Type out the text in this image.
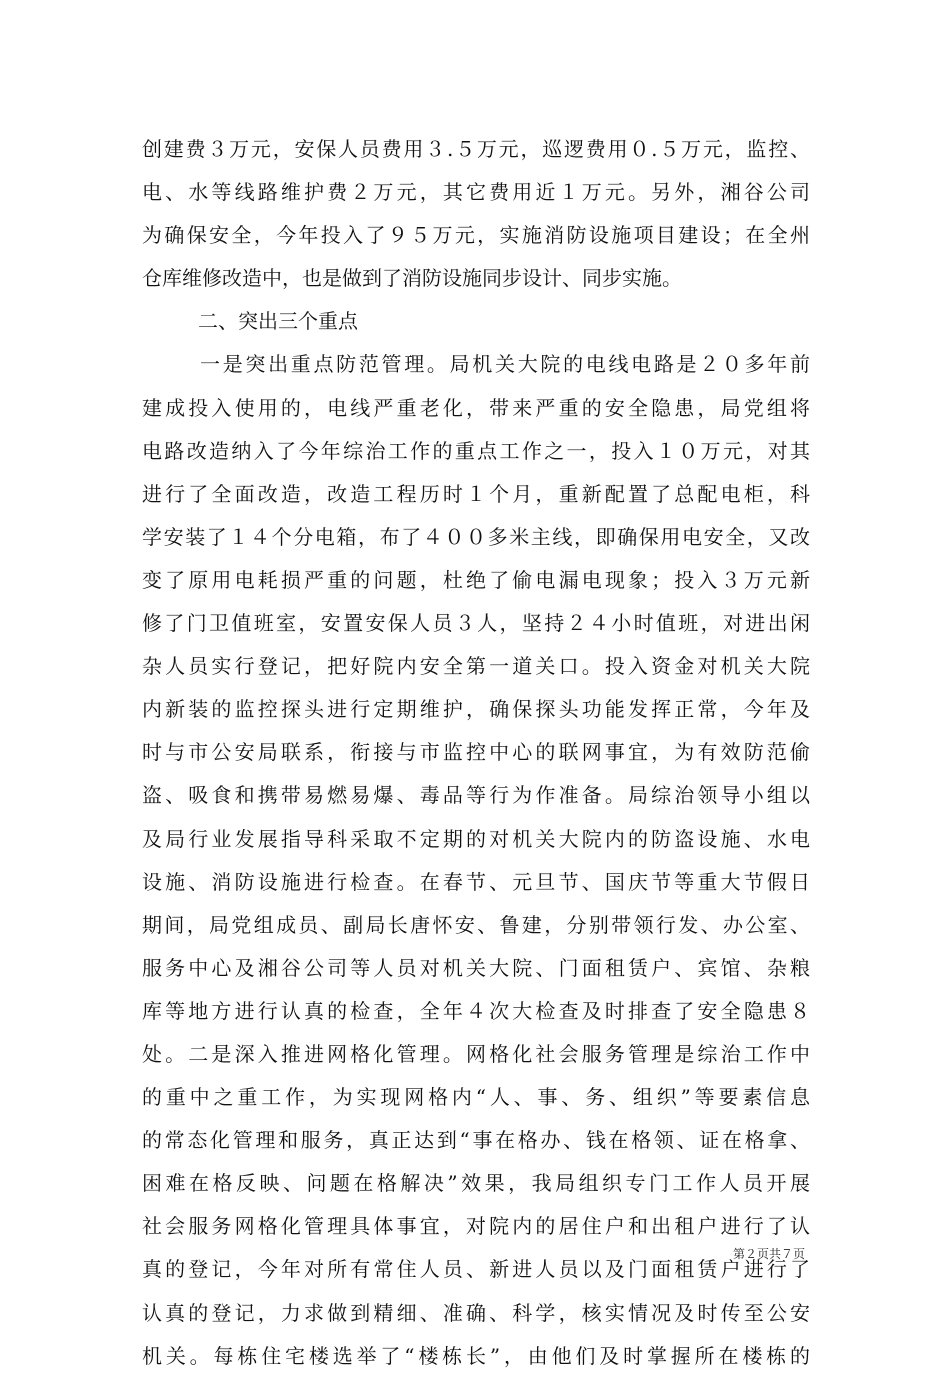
创建费３万元，安保人员费用３.５万元，巡逻费用０.５万元，监控、
电、水等线路维护费２万元，其它费用近１万元。另外，湘谷公司
为确保安全，今年投入了９５万元，实施消防设施项目建设；在全州
仓库维修改造中，也是做到了消防设施同步设计、同步实施。
二、突出三个重点
一是突出重点防范管理。局机关大院的电线电路是２０多年前
建成投入使用的，电线严重老化，带来严重的安全隐患，局党组将
电路改造纳入了今年综治工作的重点工作之一，投入１０万元，对其
进行了全面改造，改造工程历时１个月，重新配置了总配电柜，科
学安装了１４个分电箱，布了４００多米主线，即确保用电安全，又改
变了原用电耗损严重的问题，杜绝了偷电漏电现象；投入３万元新
修了门卫值班室，安置安保人员３人，坚持２４小时值班，对进出闲
杂人员实行登记，把好院内安全第一道关口。投入资金对机关大院
内新装的监控探头进行定期维护，确保探头功能发挥正常，今年及
时与市公安局联系，衔接与市监控中心的联网事宜，为有效防范偷
盗、吸食和携带易燃易爆、毒品等行为作准备。局综治领导小组以
及局行业发展指导科采取不定期的对机关大院内的防盗设施、水电
设施、消防设施进行检查。在春节、元旦节、国庆节等重大节假日
期间，局党组成员、副局长唐怀安、鲁建，分别带领行发、办公室、
服务中心及湘谷公司等人员对机关大院、门面租赁户、宾馆、杂粮
库等地方进行认真的检查，全年４次大检查及时排查了安全隐患８
处。二是深入推进网格化管理。网格化社会服务管理是综治工作中
的重中之重工作，为实现网格内“人、事、务、组织”等要素信息
的常态化管理和服务，真正达到“事在格办、钱在格领、证在格拿、
困难在格反映、问题在格解决”效果，我局组织专门工作人员开展
社会服务网格化管理具体事宜，对院内的居住户和出租户进行了认
真的登记，今年对所有常住人员、新进人员以及门面租赁户进行了
认真的登记，力求做到精细、准确、科学，核实情况及时传至公安
机关。每栋住宅楼选举了“楼栋长”，由他们及时掌握所在楼栋的
第２页共７页
